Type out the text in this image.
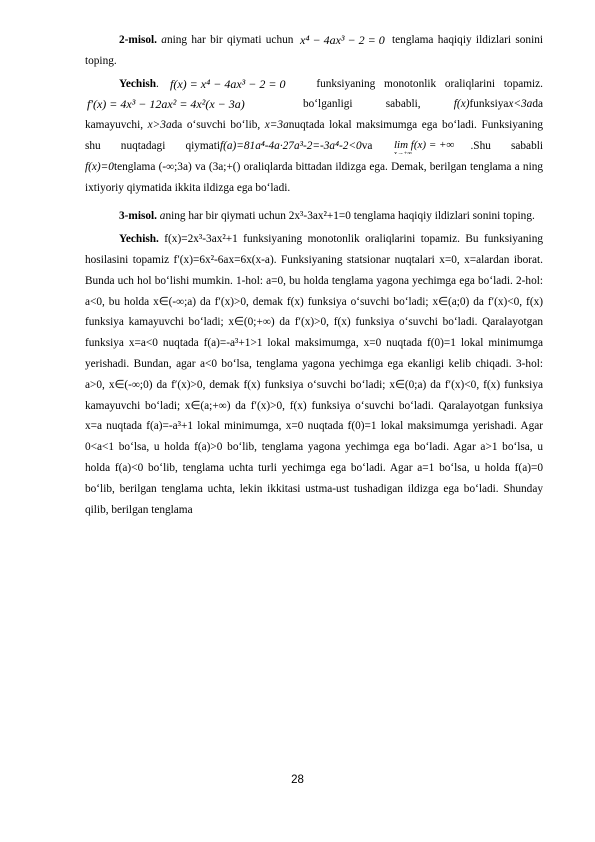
2-misol. aning har bir qiymati uchun x⁴ − 4ax³ − 2 = 0 tenglama haqiqiy ildizlari sonini toping.

Yechish. f(x) = x⁴ − 4ax³ − 2 = 0 funksiyaning monotonlik oraliqlarini topamiz.
f′(x) = 4x³ − 12ax² = 4x²(x − 3a)	bo‘lganligi sababli, f(x)funksiyax<3ada kamayuvchi, x>3ada o‘suvchi bo‘lib, x=3anuqtada lokal maksimumga ega bo‘ladi. Funksiyaning shu nuqtadagi qiymatif(a)=81a⁴-4a·27a³-2=-3a⁴-2<0va lim f(x) = +∞
x→±∞
.Shu sababli f(x)=0tenglama (-∞;3a) va (3a;+() oraliqlarda bittadan ildizga ega. Demak, berilgan tenglama a ning ixtiyoriy qiymatida ikkita ildizga ega bo‘ladi.

3-misol. aning har bir qiymati uchun 2x³-3ax²+1=0 tenglama haqiqiy ildizlari sonini toping.

Yechish. f(x)=2x³-3ax²+1 funksiyaning monotonlik oraliqlarini topamiz. Bu funksiyaning hosilasini topamiz f′(x)=6x²-6ax=6x(x-a). Funksiyaning statsionar nuqtalari x=0, x=alardan iborat. Bunda uch hol bo‘lishi mumkin. 1-hol: a=0, bu holda tenglama yagona yechimga ega bo‘ladi. 2-hol: a<0, bu holda x∈(-∞;a) da f′(x)>0, demak f(x) funksiya o‘suvchi bo‘ladi; x∈(a;0) da f′(x)<0, f(x) funksiya kamayuvchi bo‘ladi; x∈(0;+∞) da f′(x)>0, f(x) funksiya o‘suvchi bo‘ladi. Qaralayotgan funksiya x=a<0 nuqtada f(a)=-a³+1>1 lokal maksimumga, x=0 nuqtada f(0)=1 lokal minimumga yerishadi. Bundan, agar a<0 bo‘lsa, tenglama yagona yechimga ega ekanligi kelib chiqadi. 3-hol: a>0, x∈(-∞;0) da f′(x)>0, demak f(x) funksiya o‘suvchi bo‘ladi; x∈(0;a) da f′(x)<0, f(x) funksiya kamayuvchi bo‘ladi; x∈(a;+∞) da f′(x)>0, f(x) funksiya o‘suvchi bo‘ladi. Qaralayotgan funksiya x=a nuqtada f(a)=-a³+1 lokal minimumga, x=0 nuqtada f(0)=1 lokal maksimumga yerishadi. Agar 0<a<1 bo‘lsa, u holda f(a)>0 bo‘lib, tenglama yagona yechimga ega bo‘ladi. Agar a>1 bo‘lsa, u holda f(a)<0 bo‘lib, tenglama uchta turli yechimga ega bo‘ladi. Agar a=1 bo‘lsa, u holda f(a)=0 bo‘lib, berilgan tenglama uchta, lekin ikkitasi ustma-ust tushadigan ildizga ega bo‘ladi. Shunday qilib, berilgan tenglama

28
